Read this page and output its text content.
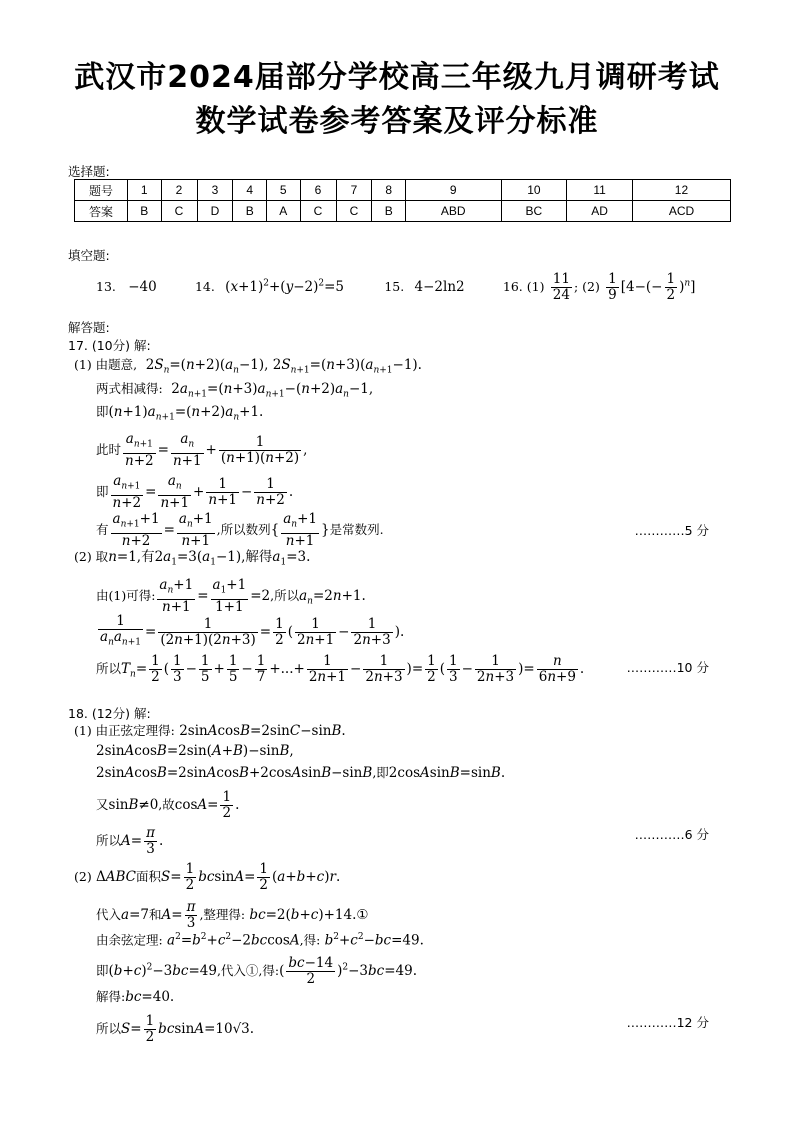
武汉市2024届部分学校高三年级九月调研考试
数学试卷参考答案及评分标准
选择题:
题号	1	2	3	4	5	6	7	8	9	10	11	12
答案	B	C	D	B	A	C	C	B	ABD	BC	AD	ACD
填空题:
13. −40	14. $(x+1)^2+(y-2)^2=5$	15. 4−2ln2	16. $(1) \frac{11}{24}$ ; $(2) \frac{1}{9} [4-(- \frac{1}{2} )^n]$
解答题:
17. (10分) 解:
(1) 由题意,  $2S_n=(n+2)(a_n-1)$, $2S_{n+1}=(n+3)(a_{n+1}-1)$.
两式相减得:  $2a_{n+1}=(n+3)a_{n+1}-(n+2)a_n-1$,
即$(n+1)a_{n+1}=(n+2)a_n+1$.
此时 $\frac{a_{n+1}}{n+2} = \frac{a_n}{n+1} + \frac{1}{(n+1)(n+2)}$ ,
即 $\frac{a_{n+1}}{n+2} = \frac{a_n}{n+1} + \frac{1}{n+1} - \frac{1}{n+2}$ .
有 $\frac{a_{n+1}+1}{n+2} = \frac{a_n+1}{n+1}$ ,所以数列{ $\frac{a_n+1}{n+1}$ }是常数列.	…………5 分
(2) 取n=1,有$2a_1=3(a_1-1)$,解得$a_1=3$.
由(1)可得: $\frac{a_n+1}{n+1} = \frac{a_1+1}{1+1} =2$,所以$a_n=2n+1$.
$\frac{1}{a_na_{n+1}} = \frac{1}{(2n+1)(2n+3)} = \frac{1}{2}$ ( $\frac{1}{2n+1} - \frac{1}{2n+3}$ ).
所以$T_n= \frac{1}{2}$ ( $\frac{1}{3} - \frac{1}{5} + \frac{1}{5} - \frac{1}{7}$ +...+ $\frac{1}{2n+1} - \frac{1}{2n+3}$ )= $\frac{1}{2}$ ( $\frac{1}{3} - \frac{1}{2n+3}$ )= $\frac{n}{6n+9}$ .	…………10 分
18. (12分) 解:
(1) 由正弦定理得: 2sinAcosB=2sinC−sinB.
2sinAcosB=2sin(A+B)−sinB,
2sinAcosB=2sinAcosB+2cosAsinB−sinB,即2cosAsinB=sinB.
又sinB≠0,故$\cos A= \frac{1}{2}$ .
所以$A= \frac{\pi}{3}$ .	…………6 分
(2) ΔABC面积$S= \frac{1}{2} bcsinA= \frac{1}{2} (a+b+c)r$.
代入a=7和$A= \frac{\pi}{3}$ ,整理得: bc=2(b+c)+14.①
由余弦定理: $a^2=b^2+c^2-2bccosA$,得: $b^2+c^2-bc=49$.
即$(b+c)^2-3bc=49$,代入①,得:( $\frac{bc-14}{2} )^2-3bc=49$.
解得:bc=40.
所以$S= \frac{1}{2} bcsinA=10√3$.	…………12 分
